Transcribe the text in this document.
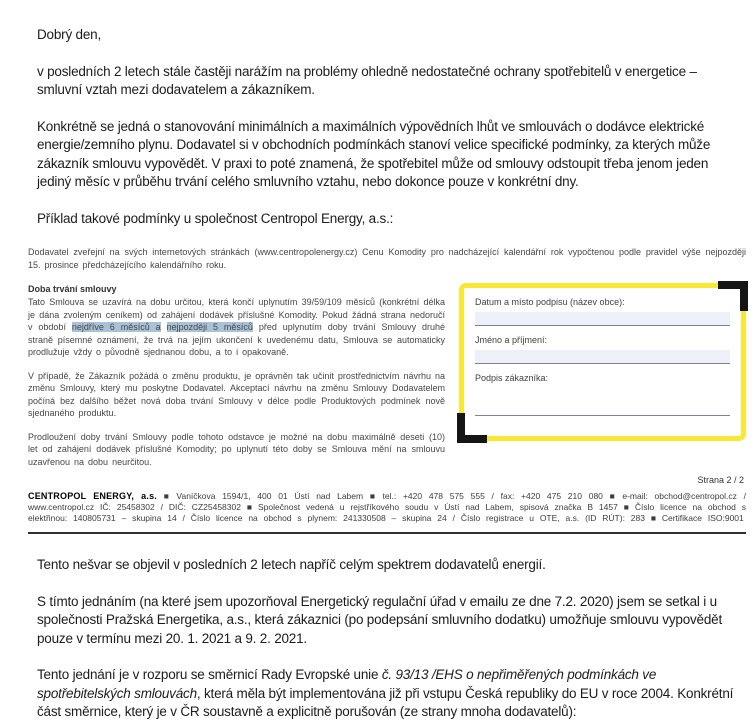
Dobrý den,

v posledních 2 letech stále častěji narážím na problémy ohledně nedostatečné ochrany spotřebitelů v energetice – smluvní vztah mezi dodavatelem a zákazníkem.

Konkrétně se jedná o stanovování minimálních a maximálních výpovědních lhůt ve smlouvách o dodávce elektrické energie/zemního plynu. Dodavatel si v obchodních podmínkách stanoví velice specifické podmínky, za kterých může zákazník smlouvu vypovědět. V praxi to poté znamená, že spotřebitel může od smlouvy odstoupit třeba jenom jeden jediný měsíc v průběhu trvání celého smluvního vztahu, nebo dokonce pouze v konkrétní dny.

Příklad takové podmínky u společnost Centropol Energy, a.s.:

Dodavatel zveřejní na svých internetových stránkách (www.centropolenergy.cz) Cenu Komodity pro nadcházející kalendářní rok vypočtenou podle pravidel výše nejpozději 15. prosince předcházejícího kalendářního roku.

Doba trvání smlouvy

Tato Smlouva se uzavírá na dobu určitou, která končí uplynutím 39/59/109 měsíců (konkrétní délka je dána zvoleným ceníkem) od zahájení dodávek příslušné Komodity. Pokud žádná strana nedoručí v období nejdříve 6 měsíců a nejpozději 5 měsíců před uplynutím doby trvání Smlouvy druhé straně písemné oznámení, že trvá na jejím ukončení k uvedenému datu, Smlouva se automaticky prodlužuje vždy o původně sjednanou dobu, a to i opakovaně.

V případě, že Zákazník požádá o změnu produktu, je oprávněn tak učinit prostřednictvím návrhu na změnu Smlouvy, který mu poskytne Dodavatel. Akceptací návrhu na změnu Smlouvy Dodavatelem počíná bez dalšího běžet nová doba trvání Smlouvy v délce podle Produktových podmínek nově sjednaného produktu.

Prodloužení doby trvání Smlouvy podle tohoto odstavce je možné na dobu maximálně deseti (10) let od zahájení dodávek příslušné Komodity; po uplynutí této doby se Smlouva mění na smlouvu uzavřenou na dobu neurčitou.

Datum a místo podpisu (název obce):
Jméno a příjmení:
Podpis zákazníka:
Strana 2 / 2
CENTROPOL ENERGY, a.s. ■ Vaníčkova 1594/1, 400 01 Ústí nad Labem ■ tel.: +420 478 575 555 / fax: +420 475 210 080 ■ e-mail: obchod@centropol.cz / www.centropol.cz IČ: 25458302 / DIČ: CZ25458302 ■ Společnost vedená u rejstříkového soudu v Ústí nad Labem, spisová značka B 1457 ■ Číslo licence na obchod s elektřinou: 140805731 – skupina 14 / Číslo licence na obchod s plynem: 241330508 – skupina 24 / Číslo registrace u OTE, a.s. (ID RÚT): 283 ■ Certifikace ISO:9001

Tento nešvar se objevil v posledních 2 letech napříč celým spektrem dodavatelů energií.

S tímto jednáním (na které jsem upozorňoval Energetický regulační úřad v emailu ze dne 7.2. 2020) jsem se setkal i u společnosti Pražská Energetika, a.s., která zákaznici (po podepsání smluvního dodatku) umožňuje smlouvu vypovědět pouze v termínu mezi 20. 1. 2021 a 9. 2. 2021.

Tento jednání je v rozporu se směrnicí Rady Evropské unie č. 93/13 /EHS o nepřiměřených podmínkách ve spotřebitelských smlouvách, která měla být implementována již při vstupu Česká republiky do EU v roce 2004. Konkrétní část směrnice, který je v ČR soustavně a explicitně porušován (ze strany mnoha dodavatelů):
